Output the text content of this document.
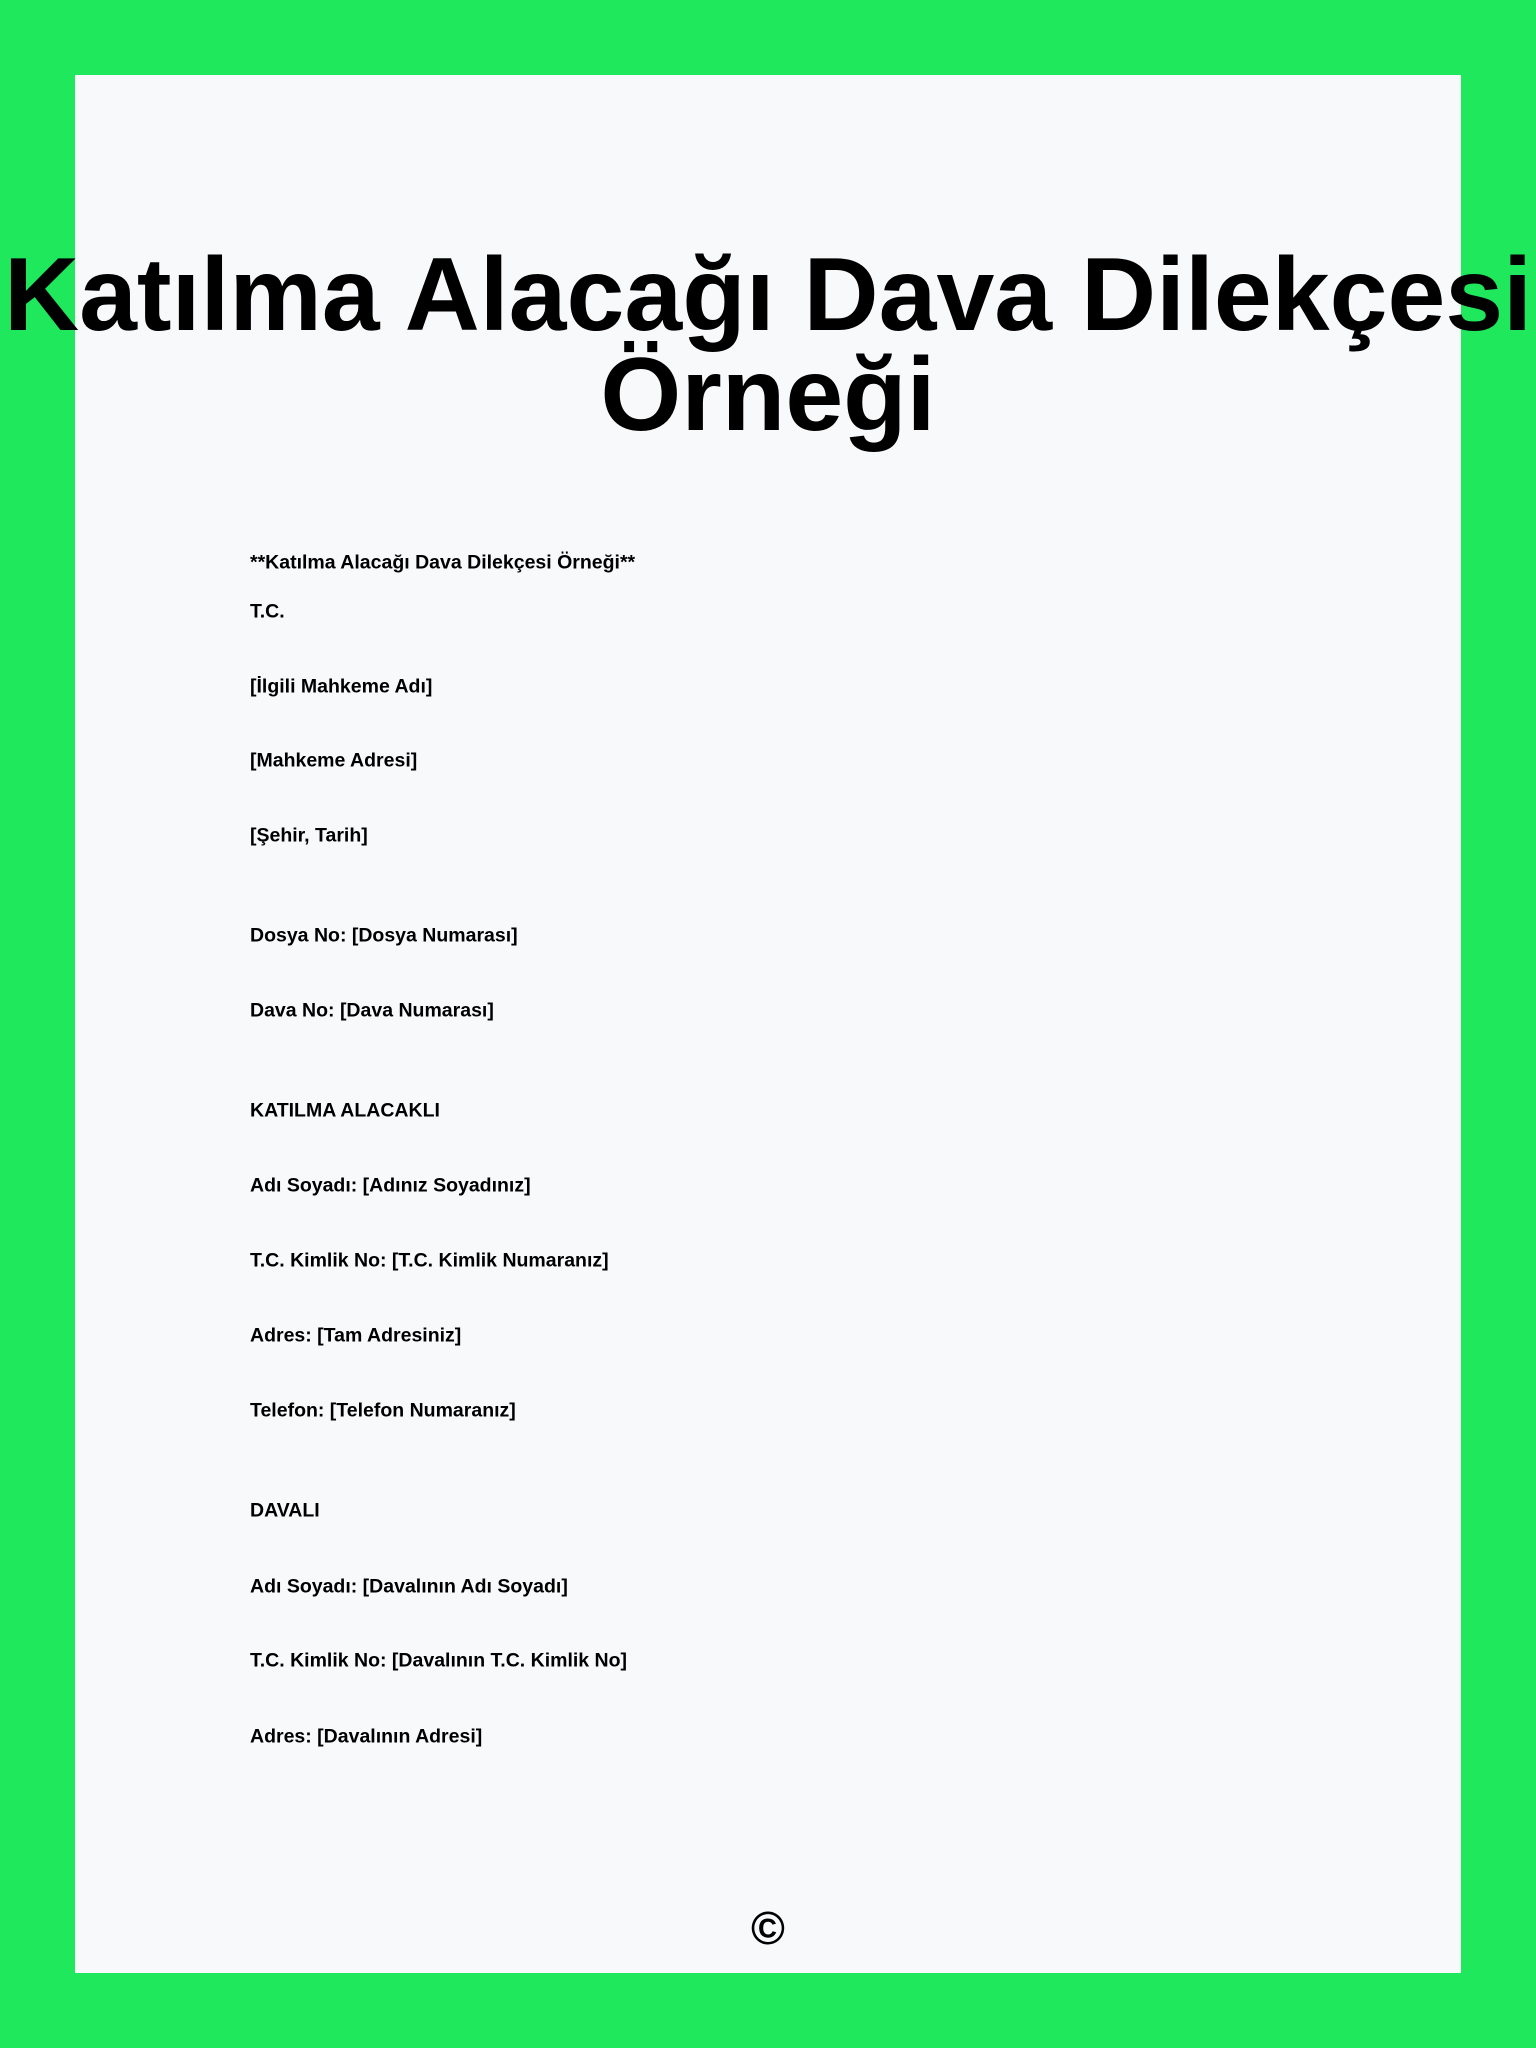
Katılma Alacağı Dava Dilekçesi Örneği
**Katılma Alacağı Dava Dilekçesi Örneği**
T.C.
[İlgili Mahkeme Adı]
[Mahkeme Adresi]
[Şehir, Tarih]
Dosya No: [Dosya Numarası]
Dava No: [Dava Numarası]
KATILMA ALACAKLI
Adı Soyadı: [Adınız Soyadınız]
T.C. Kimlik No: [T.C. Kimlik Numaranız]
Adres: [Tam Adresiniz]
Telefon: [Telefon Numaranız]
DAVALI
Adı Soyadı: [Davalının Adı Soyadı]
T.C. Kimlik No: [Davalının T.C. Kimlik No]
Adres: [Davalının Adresi]
©
